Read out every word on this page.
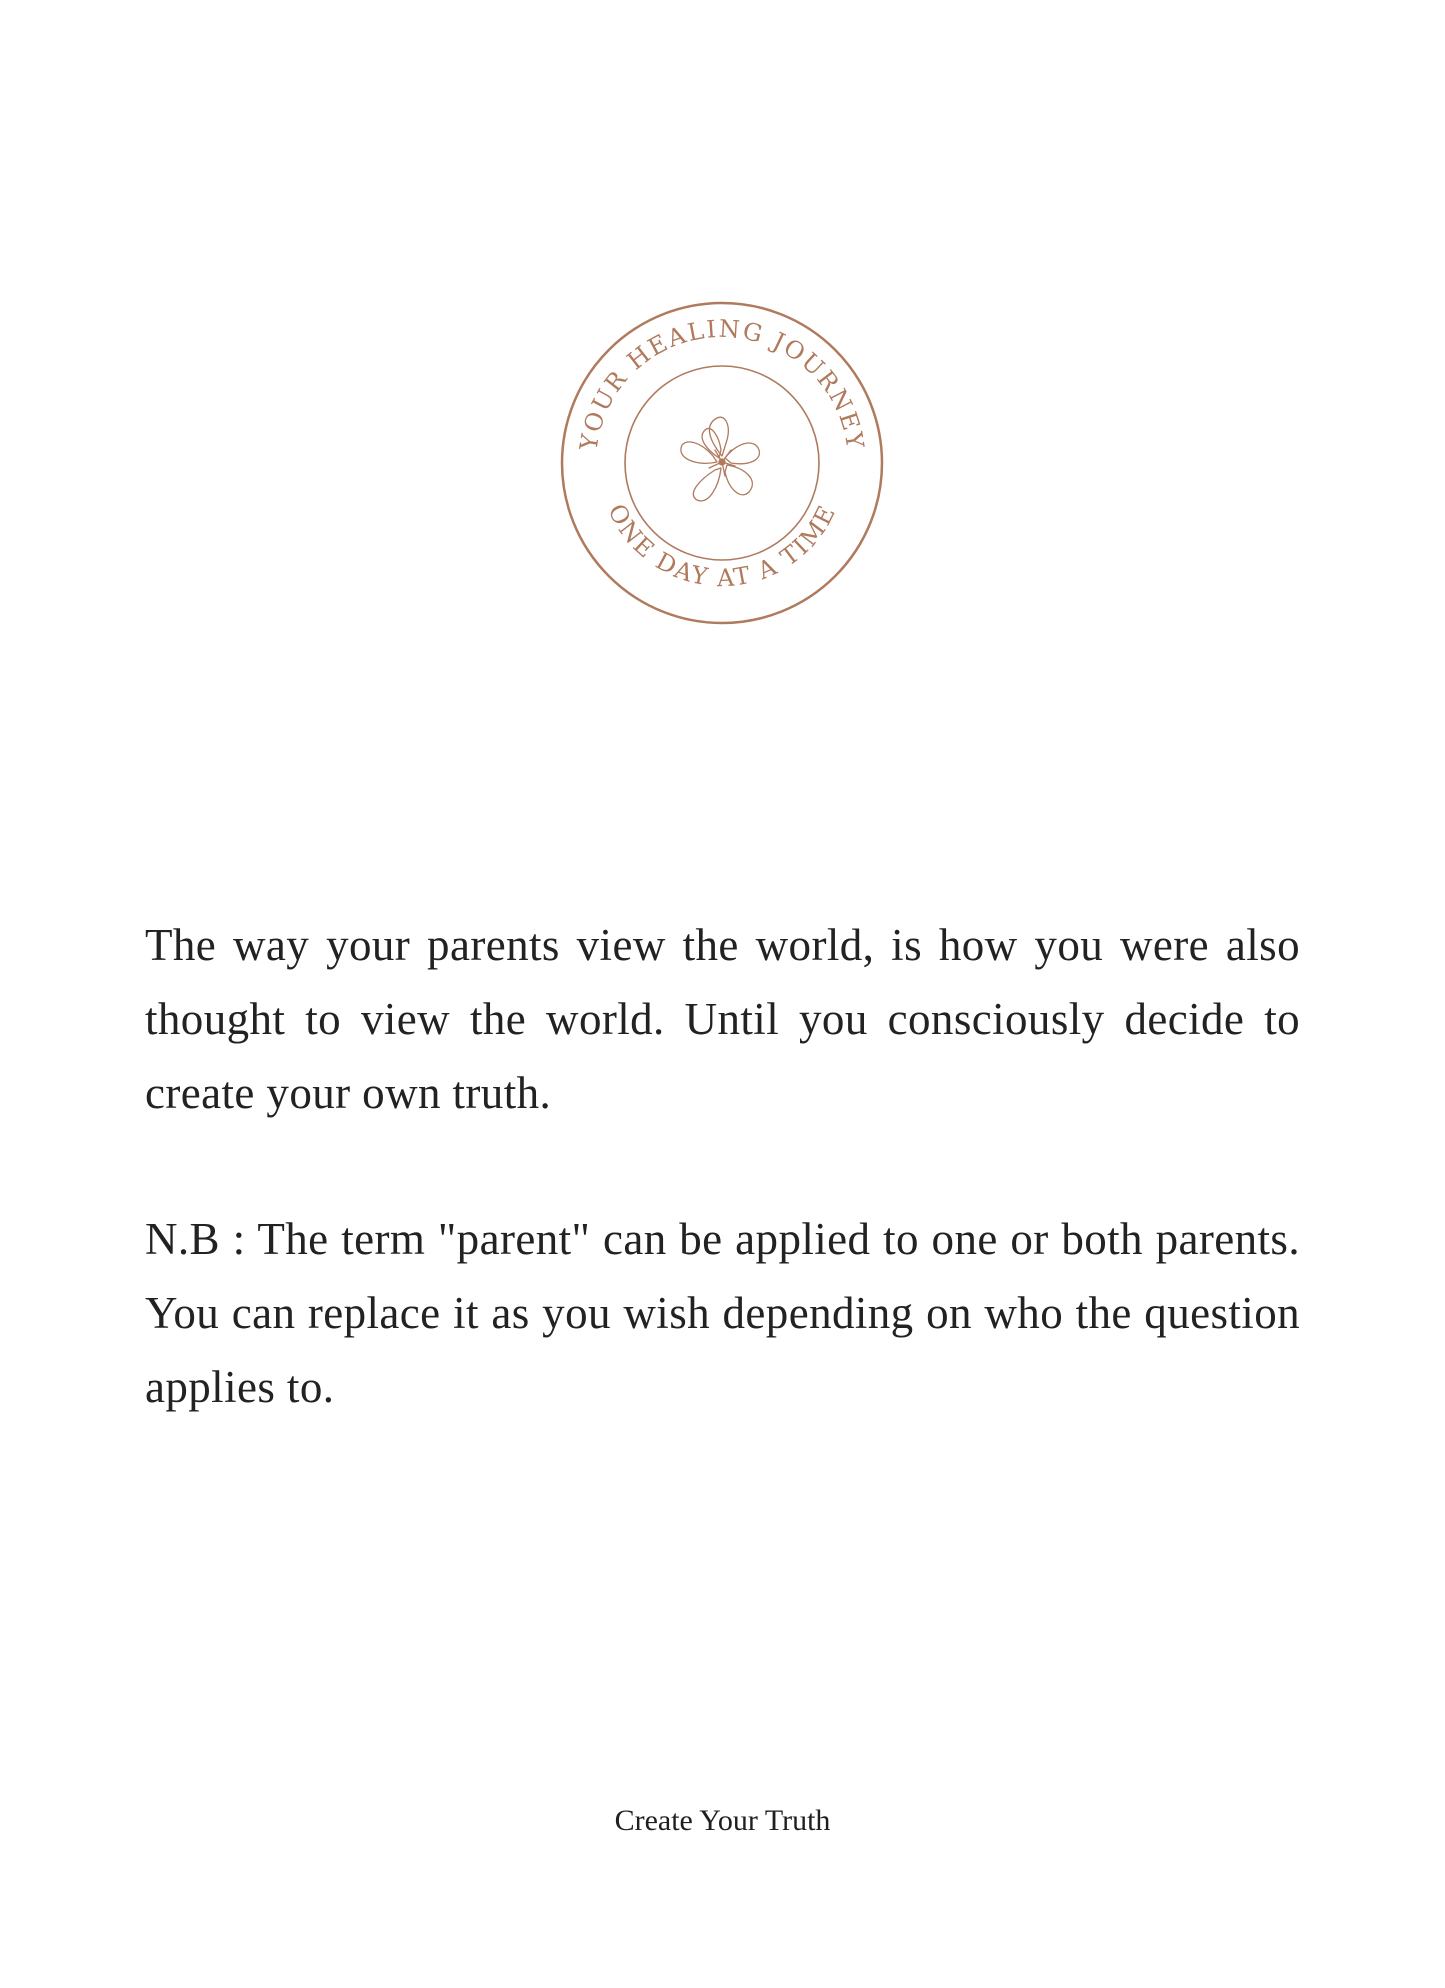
YOUR HEALING JOURNEY
ONE DAY AT A TIME

The way your parents view the world, is how you were also thought to view the world. Until you consciously decide to create your own truth.

N.B : The term "parent" can be applied to one or both parents. You can replace it as you wish depending on who the question applies to.

Create Your Truth
